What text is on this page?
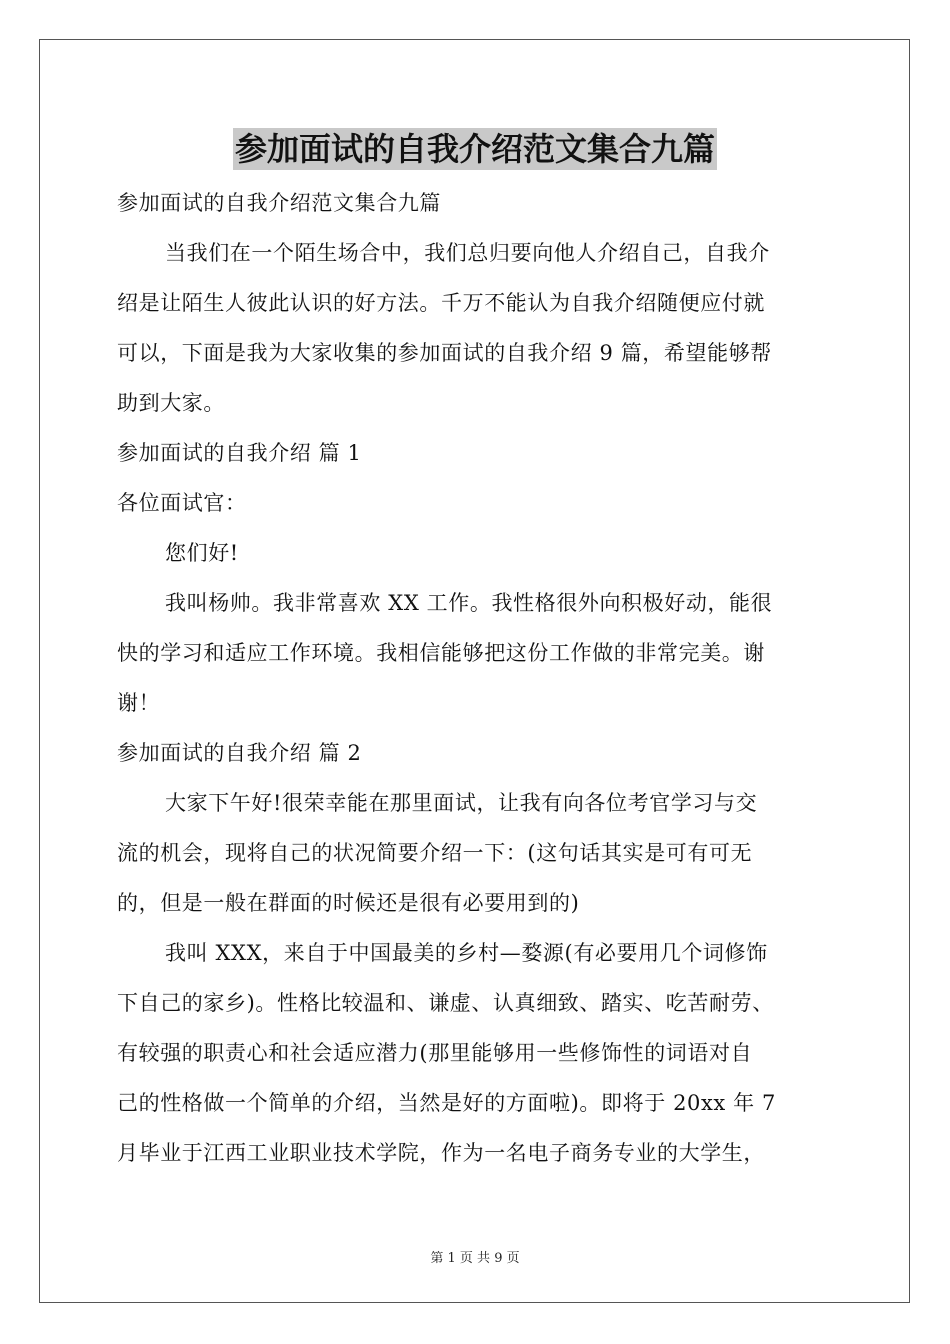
参加面试的自我介绍范文集合九篇
参加面试的自我介绍范文集合九篇
当我们在一个陌生场合中，我们总归要向他人介绍自己，自我介
绍是让陌生人彼此认识的好方法。千万不能认为自我介绍随便应付就
可以，下面是我为大家收集的参加面试的自我介绍 9 篇，希望能够帮
助到大家。
参加面试的自我介绍 篇 1
各位面试官：
您们好!
我叫杨帅。我非常喜欢 XX 工作。我性格很外向积极好动，能很
快的学习和适应工作环境。我相信能够把这份工作做的非常完美。谢
谢！
参加面试的自我介绍 篇 2
大家下午好!很荣幸能在那里面试，让我有向各位考官学习与交
流的机会，现将自己的状况简要介绍一下：(这句话其实是可有可无
的，但是一般在群面的时候还是很有必要用到的)
我叫 XXX，来自于中国最美的乡村—婺源(有必要用几个词修饰
下自己的家乡)。性格比较温和、谦虚、认真细致、踏实、吃苦耐劳、
有较强的职责心和社会适应潜力(那里能够用一些修饰性的词语对自
己的性格做一个简单的介绍，当然是好的方面啦)。即将于 20xx 年 7
月毕业于江西工业职业技术学院，作为一名电子商务专业的大学生，
第 1 页 共 9 页
